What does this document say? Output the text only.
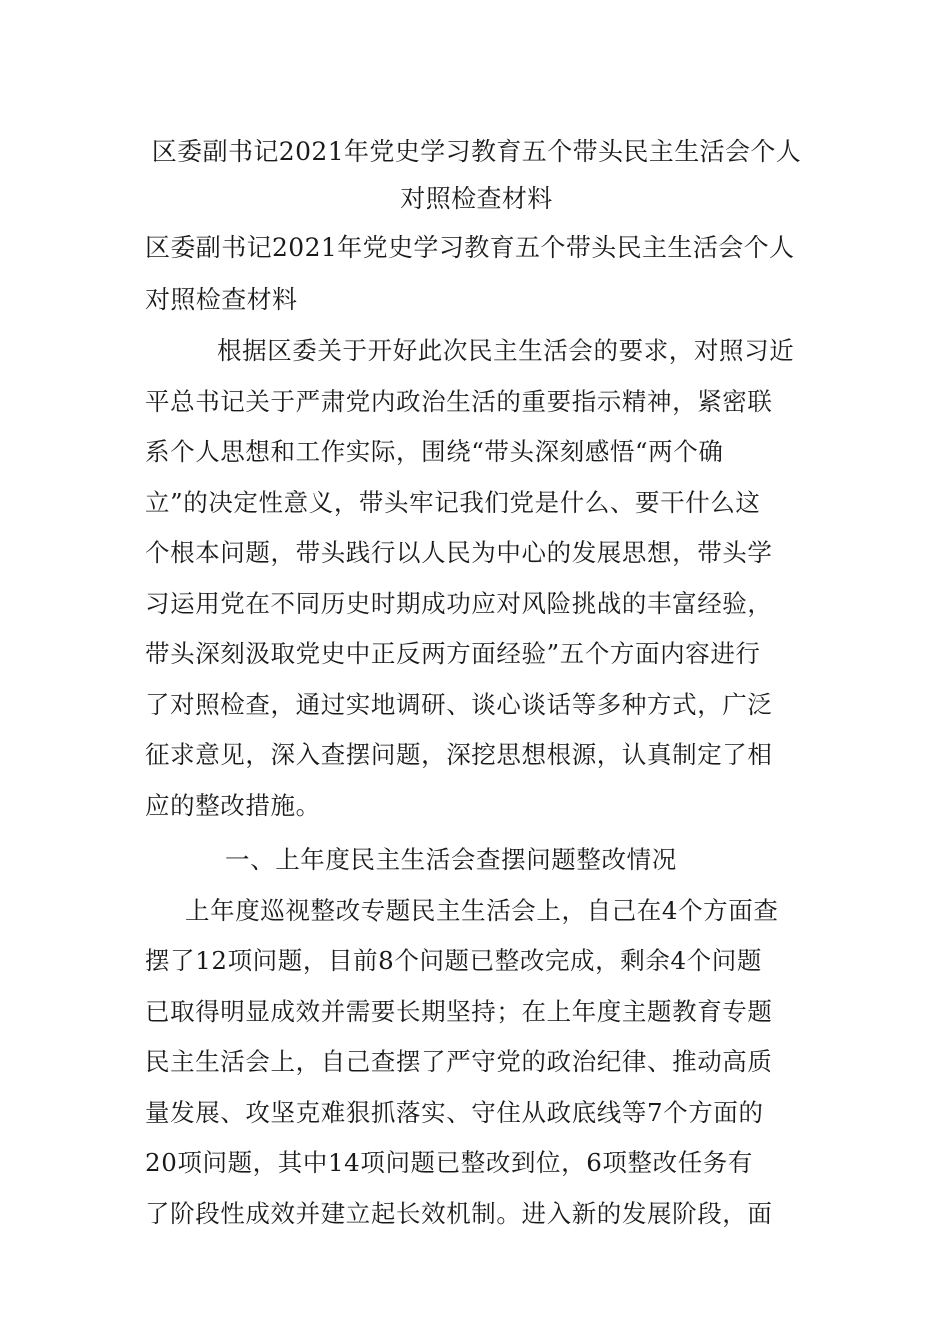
区委副书记2021年党史学习教育五个带头民主生活会个人
对照检查材料

区委副书记2021年党史学习教育五个带头民主生活会个人
对照检查材料

根据区委关于开好此次民主生活会的要求，对照习近
平总书记关于严肃党内政治生活的重要指示精神，紧密联
系个人思想和工作实际，围绕“带头深刻感悟“两个确
立”的决定性意义，带头牢记我们党是什么、要干什么这
个根本问题，带头践行以人民为中心的发展思想，带头学
习运用党在不同历史时期成功应对风险挑战的丰富经验，
带头深刻汲取党史中正反两方面经验”五个方面内容进行
了对照检查，通过实地调研、谈心谈话等多种方式，广泛
征求意见，深入查摆问题，深挖思想根源，认真制定了相
应的整改措施。

一、上年度民主生活会查摆问题整改情况

上年度巡视整改专题民主生活会上，自己在4个方面查
摆了12项问题，目前8个问题已整改完成，剩余4个问题
已取得明显成效并需要长期坚持；在上年度主题教育专题
民主生活会上，自己查摆了严守党的政治纪律、推动高质
量发展、攻坚克难狠抓落实、守住从政底线等7个方面的
20项问题，其中14项问题已整改到位，6项整改任务有
了阶段性成效并建立起长效机制。进入新的发展阶段，面
